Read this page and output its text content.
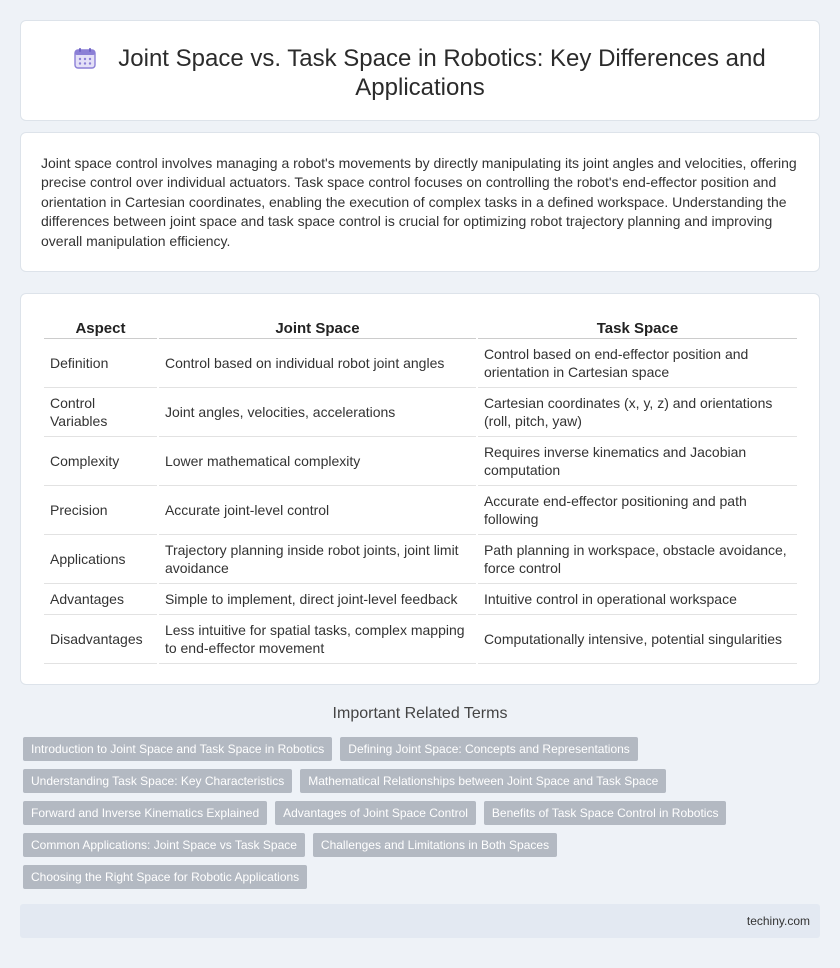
Joint Space vs. Task Space in Robotics: Key Differences and Applications

Joint space control involves managing a robot's movements by directly manipulating its joint angles and velocities, offering precise control over individual actuators. Task space control focuses on controlling the robot's end-effector position and orientation in Cartesian coordinates, enabling the execution of complex tasks in a defined workspace. Understanding the differences between joint space and task space control is crucial for optimizing robot trajectory planning and improving overall manipulation efficiency.

Aspect	Joint Space	Task Space
Definition	Control based on individual robot joint angles	Control based on end-effector position and orientation in Cartesian space
Control Variables	Joint angles, velocities, accelerations	Cartesian coordinates (x, y, z) and orientations (roll, pitch, yaw)
Complexity	Lower mathematical complexity	Requires inverse kinematics and Jacobian computation
Precision	Accurate joint-level control	Accurate end-effector positioning and path following
Applications	Trajectory planning inside robot joints, joint limit avoidance	Path planning in workspace, obstacle avoidance, force control
Advantages	Simple to implement, direct joint-level feedback	Intuitive control in operational workspace
Disadvantages	Less intuitive for spatial tasks, complex mapping to end-effector movement	Computationally intensive, potential singularities
Important Related Terms
Introduction to Joint Space and Task Space in Robotics	Defining Joint Space: Concepts and Representations
Understanding Task Space: Key Characteristics	Mathematical Relationships between Joint Space and Task Space
Forward and Inverse Kinematics Explained	Advantages of Joint Space Control	Benefits of Task Space Control in Robotics
Common Applications: Joint Space vs Task Space	Challenges and Limitations in Both Spaces
Choosing the Right Space for Robotic Applications
techiny.com
